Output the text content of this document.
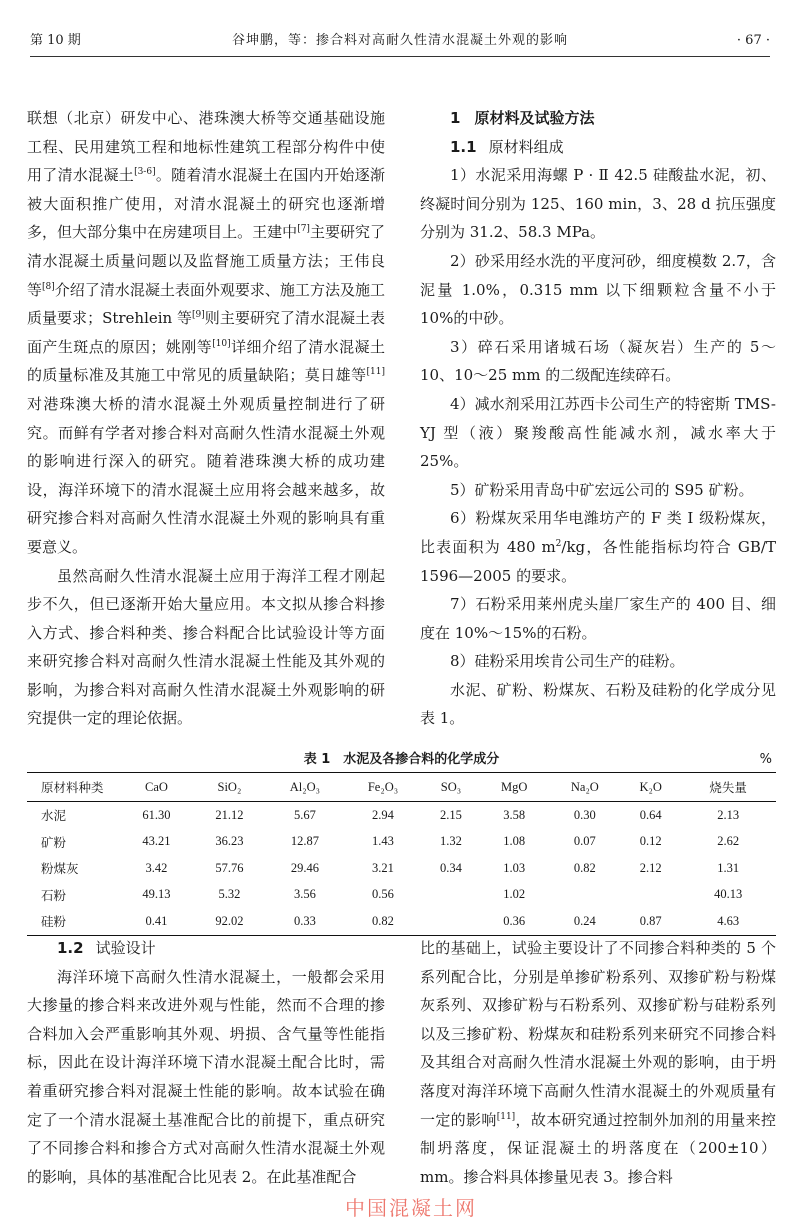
第 10 期	谷坤鹏，等：掺合料对高耐久性清水混凝土外观的影响	· 67 ·

联想（北京）研发中心、港珠澳大桥等交通基础设施工程、民用建筑工程和地标性建筑工程部分构件中使用了清水混凝土[3-6]。随着清水混凝土在国内开始逐渐被大面积推广使用，对清水混凝土的研究也逐渐增多，但大部分集中在房建项目上。王建中[7]主要研究了清水混凝土质量问题以及监督施工质量方法；王伟良等[8]介绍了清水混凝土表面外观要求、施工方法及施工质量要求；Strehlein 等[9]则主要研究了清水混凝土表面产生斑点的原因；姚刚等[10]详细介绍了清水混凝土的质量标准及其施工中常见的质量缺陷；莫日雄等[11]对港珠澳大桥的清水混凝土外观质量控制进行了研究。而鲜有学者对掺合料对高耐久性清水混凝土外观的影响进行深入的研究。随着港珠澳大桥的成功建设，海洋环境下的清水混凝土应用将会越来越多，故研究掺合料对高耐久性清水混凝土外观的影响具有重要意义。

虽然高耐久性清水混凝土应用于海洋工程才刚起步不久，但已逐渐开始大量应用。本文拟从掺合料掺入方式、掺合料种类、掺合料配合比试验设计等方面来研究掺合料对高耐久性清水混凝土性能及其外观的影响，为掺合料对高耐久性清水混凝土外观影响的研究提供一定的理论依据。

1 原材料及试验方法

1.1 原材料组成

1）水泥采用海螺 P · Ⅱ 42.5 硅酸盐水泥，初、终凝时间分别为 125、160 min，3、28 d 抗压强度分别为 31.2、58.3 MPa。

2）砂采用经水洗的平度河砂，细度模数 2.7，含泥量 1.0%，0.315 mm 以下细颗粒含量不小于 10%的中砂。

3）碎石采用诸城石场（凝灰岩）生产的 5～10、10～25 mm 的二级配连续碎石。

4）减水剂采用江苏西卡公司生产的特密斯 TMS-YJ 型（液）聚羧酸高性能减水剂，减水率大于 25%。

5）矿粉采用青岛中矿宏远公司的 S95 矿粉。

6）粉煤灰采用华电潍坊产的 F 类 Ⅰ 级粉煤灰，比表面积为 480 $m^2/kg$，各性能指标均符合 GB/T 1596—2005 的要求。

7）石粉采用莱州虎头崖厂家生产的 400 目、细度在 10%～15%的石粉。

8）硅粉采用埃肯公司生产的硅粉。

水泥、矿粉、粉煤灰、石粉及硅粉的化学成分见表 1。

表 1　水泥及各掺合料的化学成分	%
原材料种类	CaO	SiO₂	Al₂O₃	Fe₂O₃	SO₃	MgO	Na₂O	K₂O	烧失量
水泥	61.30	21.12	5.67	2.94	2.15	3.58	0.30	0.64	2.13
矿粉	43.21	36.23	12.87	1.43	1.32	1.08	0.07	0.12	2.62
粉煤灰	3.42	57.76	29.46	3.21	0.34	1.03	0.82	2.12	1.31
石粉	49.13	5.32	3.56	0.56		1.02			40.13
硅粉	0.41	92.02	0.33	0.82		0.36	0.24	0.87	4.63

1.2 试验设计

海洋环境下高耐久性清水混凝土，一般都会采用大掺量的掺合料来改进外观与性能，然而不合理的掺合料加入会严重影响其外观、坍损、含气量等性能指标，因此在设计海洋环境下清水混凝土配合比时，需着重研究掺合料对混凝土性能的影响。故本试验在确定了一个清水混凝土基准配合比的前提下，重点研究了不同掺合料和掺合方式对高耐久性清水混凝土外观的影响，具体的基准配合比见表 2。在此基准配合

比的基础上，试验主要设计了不同掺合料种类的 5 个系列配合比，分别是单掺矿粉系列、双掺矿粉与粉煤灰系列、双掺矿粉与石粉系列、双掺矿粉与硅粉系列以及三掺矿粉、粉煤灰和硅粉系列来研究不同掺合料及其组合对高耐久性清水混凝土外观的影响，由于坍落度对海洋环境下高耐久性清水混凝土的外观质量有一定的影响[11]，故本研究通过控制外加剂的用量来控制坍落度，保证混凝土的坍落度在（200±10）mm。掺合料具体掺量见表 3。掺合料

中国混凝土网
